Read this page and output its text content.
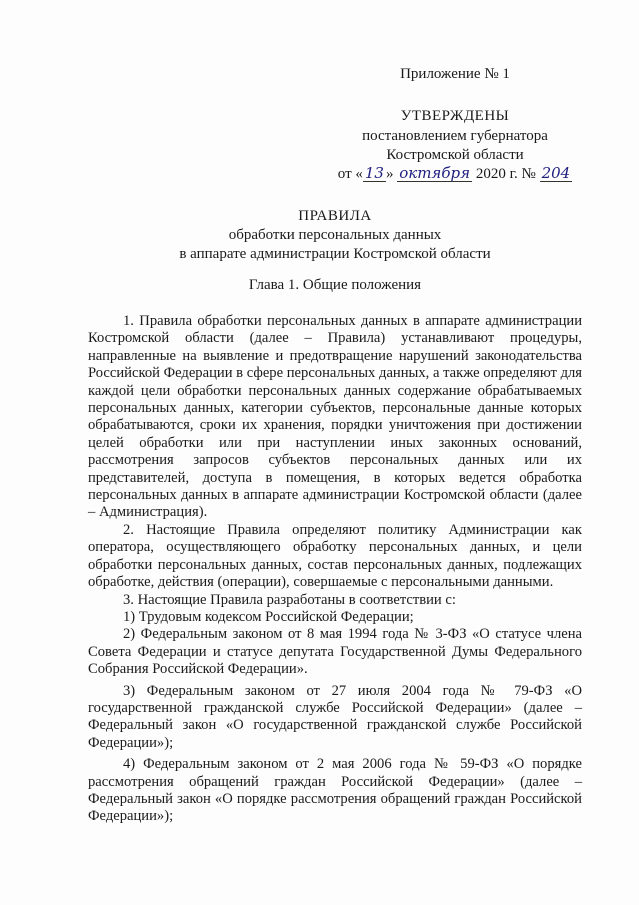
Приложение № 1
УТВЕРЖДЕНЫ
постановлением губернатора
Костромской области
от « 13 » октября 2020 г. № 204
ПРАВИЛА
обработки персональных данных
в аппарате администрации Костромской области
Глава 1. Общие положения

1. Правила обработки персональных данных в аппарате администрации Костромской области (далее – Правила) устанавливают процедуры, направленные на выявление и предотвращение нарушений законодательства Российской Федерации в сфере персональных данных, а также определяют для каждой цели обработки персональных данных содержание обрабатываемых персональных данных, категории субъектов, персональные данные которых обрабатываются, сроки их хранения, порядки уничтожения при достижении целей обработки или при наступлении иных законных оснований, рассмотрения запросов субъектов персональных данных или их представителей, доступа в помещения, в которых ведется обработка персональных данных в аппарате администрации Костромской области (далее – Администрация).

2. Настоящие Правила определяют политику Администрации как оператора, осуществляющего обработку персональных данных, и цели обработки персональных данных, состав персональных данных, подлежащих обработке, действия (операции), совершаемые с персональными данными.

3. Настоящие Правила разработаны в соответствии с:

1) Трудовым кодексом Российской Федерации;

2) Федеральным законом от 8 мая 1994 года № 3-ФЗ «О статусе члена Совета Федерации и статусе депутата Государственной Думы Федерального Собрания Российской Федерации».

3) Федеральным законом от 27 июля 2004 года № 79-ФЗ «О государственной гражданской службе Российской Федерации» (далее – Федеральный закон «О государственной гражданской службе Российской Федерации»);

4) Федеральным законом от 2 мая 2006 года № 59-ФЗ «О порядке рассмотрения обращений граждан Российской Федерации» (далее – Федеральный закон «О порядке рассмотрения обращений граждан Российской Федерации»);
